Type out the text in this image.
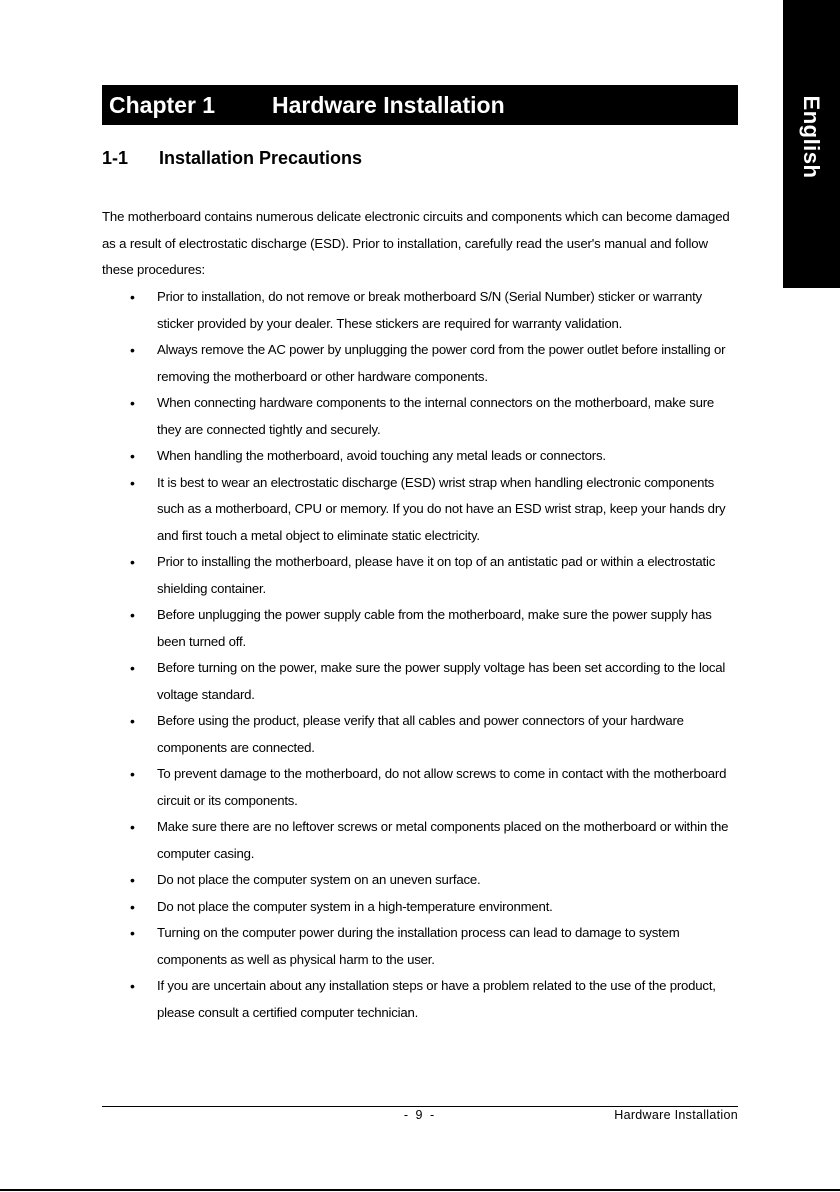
English
Chapter 1 Hardware Installation
1-1 Installation Precautions

The motherboard contains numerous delicate electronic circuits and components which can become damaged as a result of electrostatic discharge (ESD). Prior to installation, carefully read the user's manual and follow these procedures:

• Prior to installation, do not remove or break motherboard S/N (Serial Number) sticker or warranty sticker provided by your dealer. These stickers are required for warranty validation.
• Always remove the AC power by unplugging the power cord from the power outlet before installing or removing the motherboard or other hardware components.
• When connecting hardware components to the internal connectors on the motherboard, make sure they are connected tightly and securely.
• When handling the motherboard, avoid touching any metal leads or connectors.
• It is best to wear an electrostatic discharge (ESD) wrist strap when handling electronic components such as a motherboard, CPU or memory. If you do not have an ESD wrist strap, keep your hands dry and first touch a metal object to eliminate static electricity.
• Prior to installing the motherboard, please have it on top of an antistatic pad or within a electrostatic shielding container.
• Before unplugging the power supply cable from the motherboard, make sure the power supply has been turned off.
• Before turning on the power, make sure the power supply voltage has been set according to the local voltage standard.
• Before using the product, please verify that all cables and power connectors of your hardware components are connected.
• To prevent damage to the motherboard, do not allow screws to come in contact with the motherboard circuit or its components.
• Make sure there are no leftover screws or metal components placed on the motherboard or within the computer casing.
• Do not place the computer system on an uneven surface.
• Do not place the computer system in a high-temperature environment.
• Turning on the computer power during the installation process can lead to damage to system components as well as physical harm to the user.
• If you are uncertain about any installation steps or have a problem related to the use of the product, please consult a certified computer technician.
- 9 -	Hardware Installation
